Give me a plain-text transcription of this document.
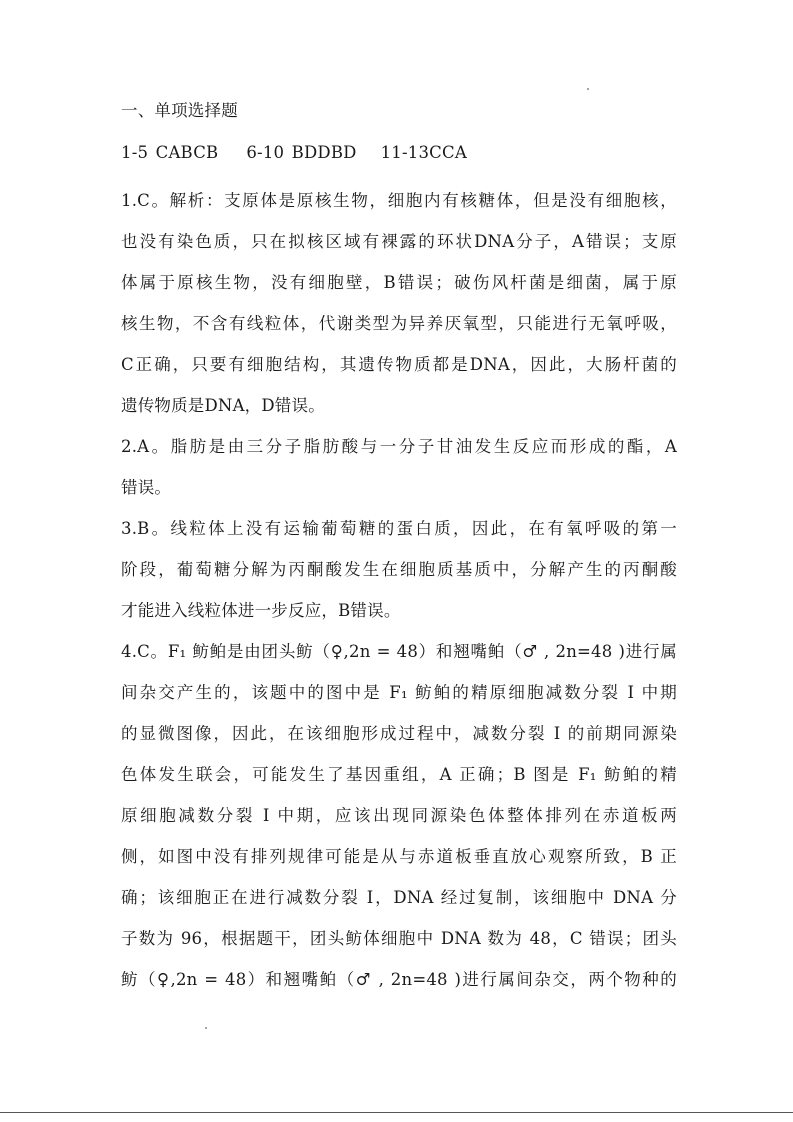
一、单项选择题
1-5 CABCB 6-10 BDDBD 11-13CCA
1.C。解析：支原体是原核生物，细胞内有核糖体，但是没有细胞核，
也没有染色质，只在拟核区域有裸露的环状DNA分子，A错误；支原
体属于原核生物，没有细胞壁，B错误；破伤风杆菌是细菌，属于原
核生物，不含有线粒体，代谢类型为异养厌氧型，只能进行无氧呼吸，
C正确，只要有细胞结构，其遗传物质都是DNA，因此，大肠杆菌的
遗传物质是DNA，D错误。
2.A。脂肪是由三分子脂肪酸与一分子甘油发生反应而形成的酯，A
错误。
3.B。线粒体上没有运输葡萄糖的蛋白质，因此，在有氧呼吸的第一
阶段，葡萄糖分解为丙酮酸发生在细胞质基质中，分解产生的丙酮酸
才能进入线粒体进一步反应，B错误。
4.C。F₁ 鲂鲌是由团头鲂（♀,2n = 48）和翘嘴鲌（♂ , 2n=48 )进行属
间杂交产生的，该题中的图中是 F₁ 鲂鲌的精原细胞减数分裂 I 中期
的显微图像，因此，在该细胞形成过程中，减数分裂 I 的前期同源染
色体发生联会，可能发生了基因重组，A 正确；B 图是 F₁ 鲂鲌的精
原细胞减数分裂 I 中期，应该出现同源染色体整体排列在赤道板两
侧，如图中没有排列规律可能是从与赤道板垂直放心观察所致，B 正
确；该细胞正在进行减数分裂 I，DNA 经过复制，该细胞中 DNA 分
子数为 96，根据题干，团头鲂体细胞中 DNA 数为 48，C 错误；团头
鲂（♀,2n = 48）和翘嘴鲌（♂ , 2n=48 )进行属间杂交，两个物种的
